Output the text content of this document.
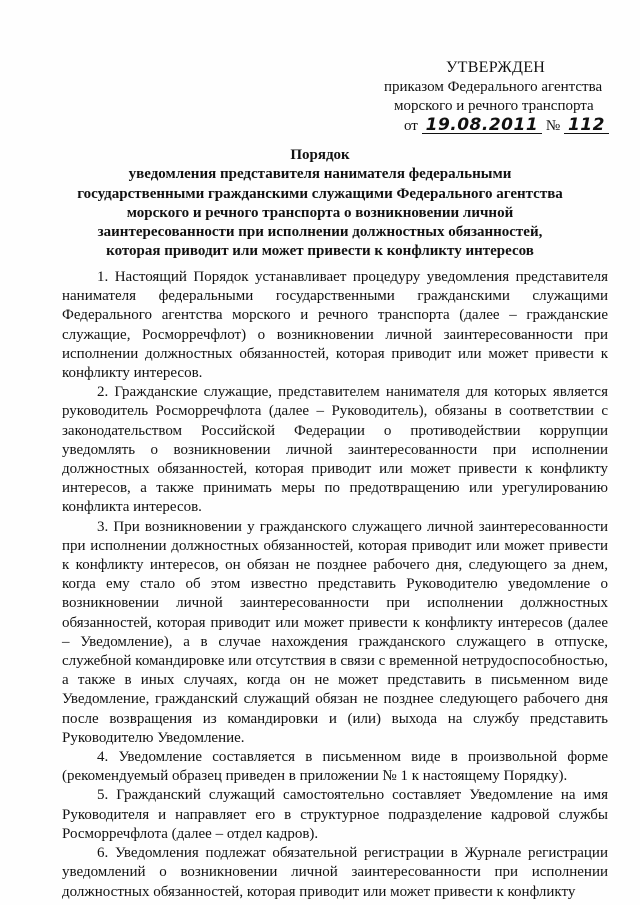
УТВЕРЖДЕН
приказом Федерального агентства
морского и речного транспорта
от 19.08.2011 № 112
Порядок
уведомления представителя нанимателя федеральными
государственными гражданскими служащими Федерального агентства
морского и речного транспорта о возникновении личной
заинтересованности при исполнении должностных обязанностей,
которая приводит или может привести к конфликту интересов

1. Настоящий Порядок устанавливает процедуру уведомления представителя нанимателя федеральными государственными гражданскими служащими Федерального агентства морского и речного транспорта (далее – гражданские служащие, Росморречфлот) о возникновении личной заинтересованности при исполнении должностных обязанностей, которая приводит или может привести к конфликту интересов.

2. Гражданские служащие, представителем нанимателя для которых является руководитель Росморречфлота (далее – Руководитель), обязаны в соответствии с законодательством Российской Федерации о противодействии коррупции уведомлять о возникновении личной заинтересованности при исполнении должностных обязанностей, которая приводит или может привести к конфликту интересов, а также принимать меры по предотвращению или урегулированию конфликта интересов.

3. При возникновении у гражданского служащего личной заинтересованности при исполнении должностных обязанностей, которая приводит или может привести к конфликту интересов, он обязан не позднее рабочего дня, следующего за днем, когда ему стало об этом известно представить Руководителю уведомление о возникновении личной заинтересованности при исполнении должностных обязанностей, которая приводит или может привести к конфликту интересов (далее – Уведомление), а в случае нахождения гражданского служащего в отпуске, служебной командировке или отсутствия в связи с временной нетрудоспособностью, а также в иных случаях, когда он не может представить в письменном виде Уведомление, гражданский служащий обязан не позднее следующего рабочего дня после возвращения из командировки и (или) выхода на службу представить Руководителю Уведомление.

4. Уведомление составляется в письменном виде в произвольной форме (рекомендуемый образец приведен в приложении № 1 к настоящему Порядку).

5. Гражданский служащий самостоятельно составляет Уведомление на имя Руководителя и направляет его в структурное подразделение кадровой службы Росморречфлота (далее – отдел кадров).

6. Уведомления подлежат обязательной регистрации в Журнале регистрации уведомлений о возникновении личной заинтересованности при исполнении должностных обязанностей, которая приводит или может привести к конфликту
